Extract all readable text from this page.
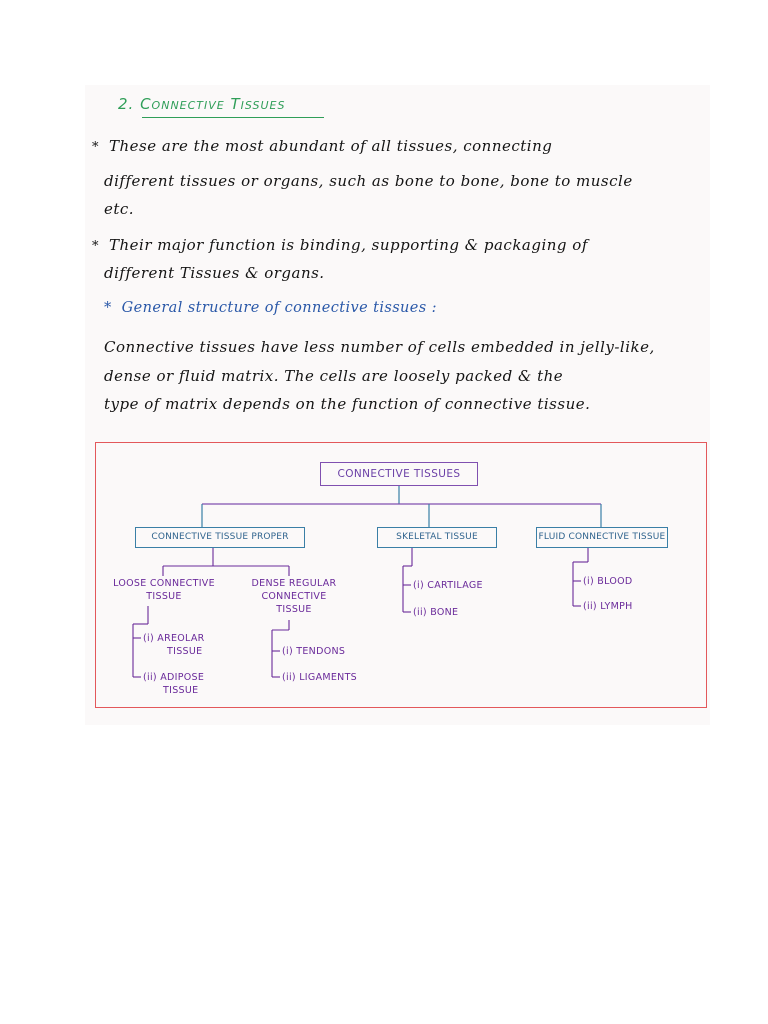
2. Connective Tissues
* These are the most abundant of all tissues, connecting
different tissues or organs, such as bone to bone, bone to muscle
etc.
* Their major function is binding, supporting & packaging of
different Tissues & organs.
* General structure of connective tissues :
Connective tissues have less number of cells embedded in jelly-like,
dense or fluid matrix. The cells are loosely packed & the
type of matrix depends on the function of connective tissue.
CONNECTIVE TISSUES
CONNECTIVE TISSUE PROPER	SKELETAL TISSUE	FLUID CONNECTIVE TISSUE
LOOSE CONNECTIVE
TISSUE
DENSE REGULAR
CONNECTIVE
TISSUE
(i) AREOLAR
TISSUE
(ii) ADIPOSE
TISSUE
(i) TENDONS
(ii) LIGAMENTS
(i) CARTILAGE
(ii) BONE
(i) BLOOD
(ii) LYMPH
